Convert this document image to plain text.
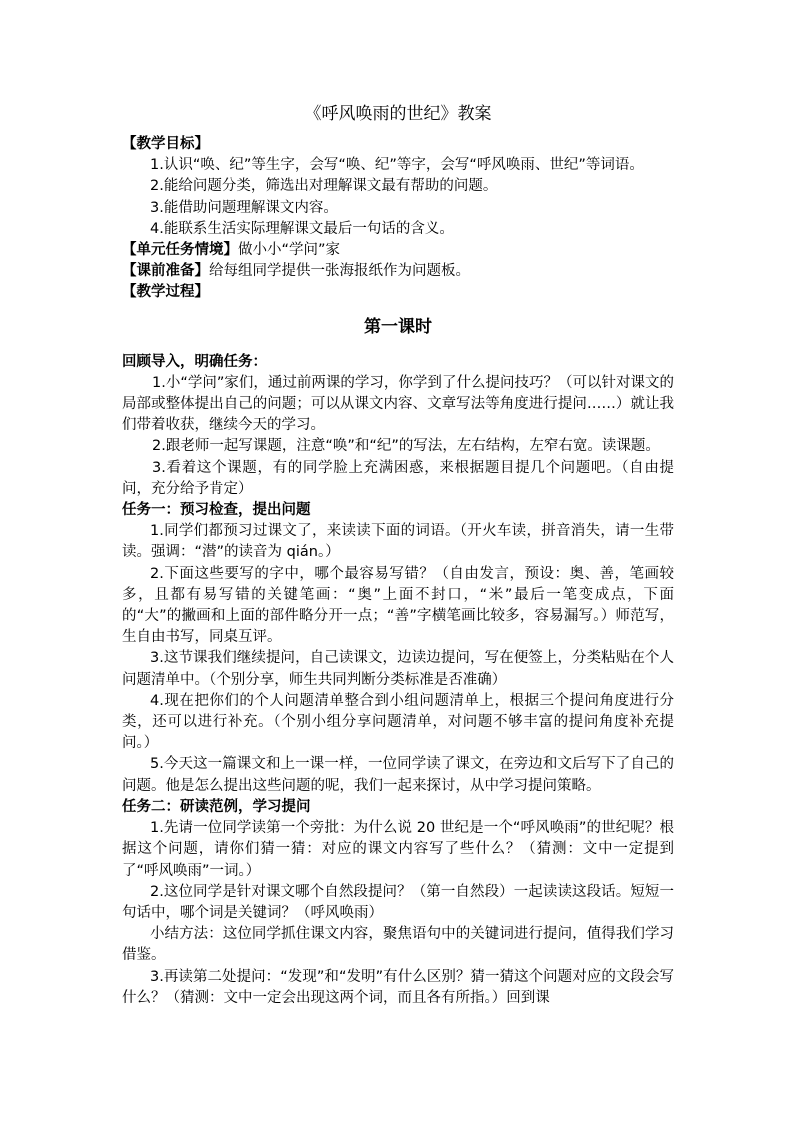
《呼风唤雨的世纪》教案
【教学目标】
1.认识“唤、纪”等生字，会写“唤、纪”等字，会写“呼风唤雨、世纪”等词语。
2.能给问题分类，筛选出对理解课文最有帮助的问题。
3.能借助问题理解课文内容。
4.能联系生活实际理解课文最后一句话的含义。
【单元任务情境】做小小“学问”家
【课前准备】给每组同学提供一张海报纸作为问题板。
【教学过程】
第一课时
回顾导入，明确任务：
1.小“学问”家们，通过前两课的学习，你学到了什么提问技巧？（可以针对课文的局部或整体提出自己的问题；可以从课文内容、文章写法等角度进行提问……）就让我们带着收获，继续今天的学习。
2.跟老师一起写课题，注意“唤”和“纪”的写法，左右结构，左窄右宽。读课题。
3.看着这个课题，有的同学脸上充满困惑，来根据题目提几个问题吧。（自由提问，充分给予肯定）
任务一：预习检查，提出问题
1.同学们都预习过课文了，来读读下面的词语。（开火车读，拼音消失，请一生带读。强调：“潜”的读音为 qián。）
2.下面这些要写的字中，哪个最容易写错？（自由发言，预设：奥、善，笔画较多，且都有易写错的关键笔画：“奥”上面不封口，“米”最后一笔变成点，下面的“大”的撇画和上面的部件略分开一点；“善”字横笔画比较多，容易漏写。）师范写，生自由书写，同桌互评。
3.这节课我们继续提问，自己读课文，边读边提问，写在便签上，分类粘贴在个人问题清单中。（个别分享，师生共同判断分类标准是否准确）
4.现在把你们的个人问题清单整合到小组问题清单上，根据三个提问角度进行分类，还可以进行补充。（个别小组分享问题清单，对问题不够丰富的提问角度补充提问。）
5.今天这一篇课文和上一课一样，一位同学读了课文，在旁边和文后写下了自己的问题。他是怎么提出这些问题的呢，我们一起来探讨，从中学习提问策略。
任务二：研读范例，学习提问
1.先请一位同学读第一个旁批：为什么说 20 世纪是一个“呼风唤雨”的世纪呢？根据这个问题，请你们猜一猜：对应的课文内容写了些什么？（猜测：文中一定提到了“呼风唤雨”一词。）
2.这位同学是针对课文哪个自然段提问？（第一自然段）一起读读这段话。短短一句话中，哪个词是关键词？（呼风唤雨）
小结方法：这位同学抓住课文内容，聚焦语句中的关键词进行提问，值得我们学习借鉴。
3.再读第二处提问：“发现”和“发明”有什么区别？猜一猜这个问题对应的文段会写什么？（猜测：文中一定会出现这两个词，而且各有所指。）回到课
